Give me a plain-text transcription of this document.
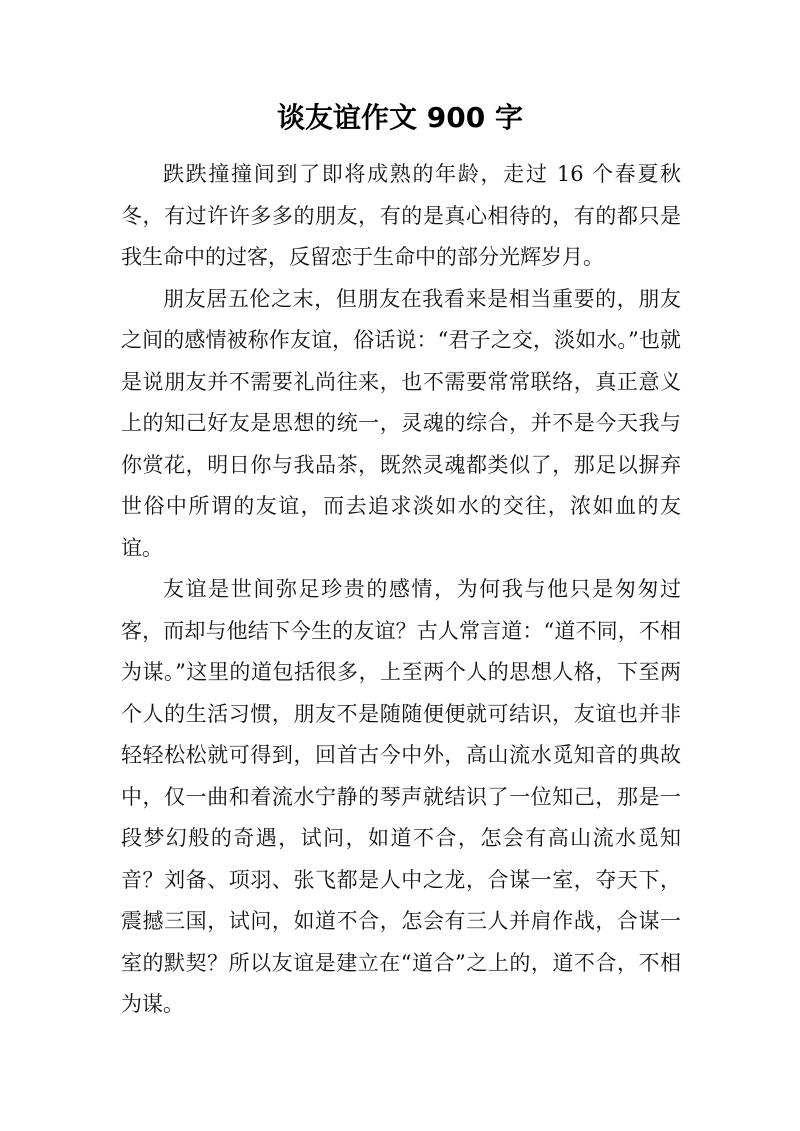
谈友谊作文 900 字

跌跌撞撞间到了即将成熟的年龄，走过 16 个春夏秋冬，有过许许多多的朋友，有的是真心相待的，有的都只是我生命中的过客，反留恋于生命中的部分光辉岁月。

朋友居五伦之末，但朋友在我看来是相当重要的，朋友之间的感情被称作友谊，俗话说：“君子之交，淡如水。”也就是说朋友并不需要礼尚往来，也不需要常常联络，真正意义上的知己好友是思想的统一，灵魂的综合，并不是今天我与你赏花，明日你与我品茶，既然灵魂都类似了，那足以摒弃世俗中所谓的友谊，而去追求淡如水的交往，浓如血的友谊。

友谊是世间弥足珍贵的感情，为何我与他只是匆匆过客，而却与他结下今生的友谊？古人常言道：“道不同，不相为谋。”这里的道包括很多，上至两个人的思想人格，下至两个人的生活习惯，朋友不是随随便便就可结识，友谊也并非轻轻松松就可得到，回首古今中外，高山流水觅知音的典故中，仅一曲和着流水宁静的琴声就结识了一位知己，那是一段梦幻般的奇遇，试问，如道不合，怎会有高山流水觅知音？刘备、项羽、张飞都是人中之龙，合谋一室，夺天下，震撼三国，试问，如道不合，怎会有三人并肩作战，合谋一室的默契？所以友谊是建立在“道合”之上的，道不合，不相为谋。
